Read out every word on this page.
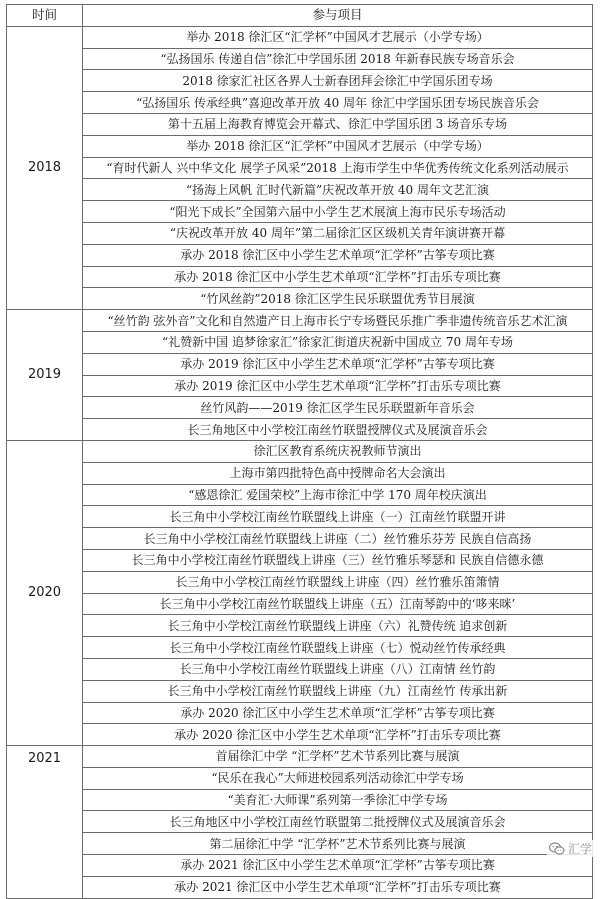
时间	参与项目
2018	举办 2018 徐汇区“汇学杯”中国风才艺展示（小学专场）
	“弘扬国乐 传递自信”徐汇中学国乐团 2018 年新春民族专场音乐会
	2018 徐家汇社区各界人士新春团拜会徐汇中学国乐团专场
	“弘扬国乐 传承经典”喜迎改革开放 40 周年 徐汇中学国乐团专场民族音乐会
	第十五届上海教育博览会开幕式、徐汇中学国乐团 3 场音乐专场
	举办 2018 徐汇区“汇学杯”中国风才艺展示（中学专场）
	“育时代新人 兴中华文化 展学子风采”2018 上海市学生中华优秀传统文化系列活动展示
	“扬海上风帆 汇时代新篇”庆祝改革开放 40 周年文艺汇演
	“阳光下成长”全国第六届中小学生艺术展演上海市民乐专场活动
	“庆祝改革开放 40 周年”第二届徐汇区区级机关青年演讲赛开幕
	承办 2018 徐汇区中小学生艺术单项“汇学杯”古筝专项比赛
	承办 2018 徐汇区中小学生艺术单项“汇学杯”打击乐专项比赛
	“竹风丝韵”2018 徐汇区学生民乐联盟优秀节目展演
2019	“丝竹韵 弦外音”文化和自然遗产日上海市长宁专场暨民乐推广季非遗传统音乐艺术汇演
	“礼赞新中国 追梦徐家汇”徐家汇街道庆祝新中国成立 70 周年专场
	承办 2019 徐汇区中小学生艺术单项“汇学杯”古筝专项比赛
	承办 2019 徐汇区中小学生艺术单项“汇学杯”打击乐专项比赛
	丝竹风韵——2019 徐汇区学生民乐联盟新年音乐会
	长三角地区中小学校江南丝竹联盟授牌仪式及展演音乐会
2020	徐汇区教育系统庆祝教师节演出
	上海市第四批特色高中授牌命名大会演出
	“感恩徐汇 爱国荣校”上海市徐汇中学 170 周年校庆演出
	长三角中小学校江南丝竹联盟线上讲座（一）江南丝竹联盟开讲
	长三角中小学校江南丝竹联盟线上讲座（二）丝竹雅乐芬芳 民族自信高扬
	长三角中小学校江南丝竹联盟线上讲座（三）丝竹雅乐琴瑟和 民族自信德永德
	长三角中小学校江南丝竹联盟线上讲座（四）丝竹雅乐笛箫情
	长三角中小学校江南丝竹联盟线上讲座（五）江南琴韵中的‘哆来咪’
	长三角中小学校江南丝竹联盟线上讲座（六）礼赞传统 追求创新
	长三角中小学校江南丝竹联盟线上讲座（七）悦动丝竹传承经典
	长三角中小学校江南丝竹联盟线上讲座（八）江南情 丝竹韵
	长三角中小学校江南丝竹联盟线上讲座（九）江南丝竹 传承出新
	承办 2020 徐汇区中小学生艺术单项“汇学杯”古筝专项比赛
	承办 2020 徐汇区中小学生艺术单项“汇学杯”打击乐专项比赛
2021	首届徐汇中学 “汇学杯”艺术节系列比赛与展演
	“民乐在我心”大师进校园系列活动徐汇中学专场
	“美育汇·大师课”系列第一季徐汇中学专场
	长三角地区中小学校江南丝竹联盟第二批授牌仪式及展演音乐会
	第二届徐汇中学 “汇学杯”艺术节系列比赛与展演
	承办 2021 徐汇区中小学生艺术单项“汇学杯”古筝专项比赛
	承办 2021 徐汇区中小学生艺术单项“汇学杯”打击乐专项比赛
汇学
